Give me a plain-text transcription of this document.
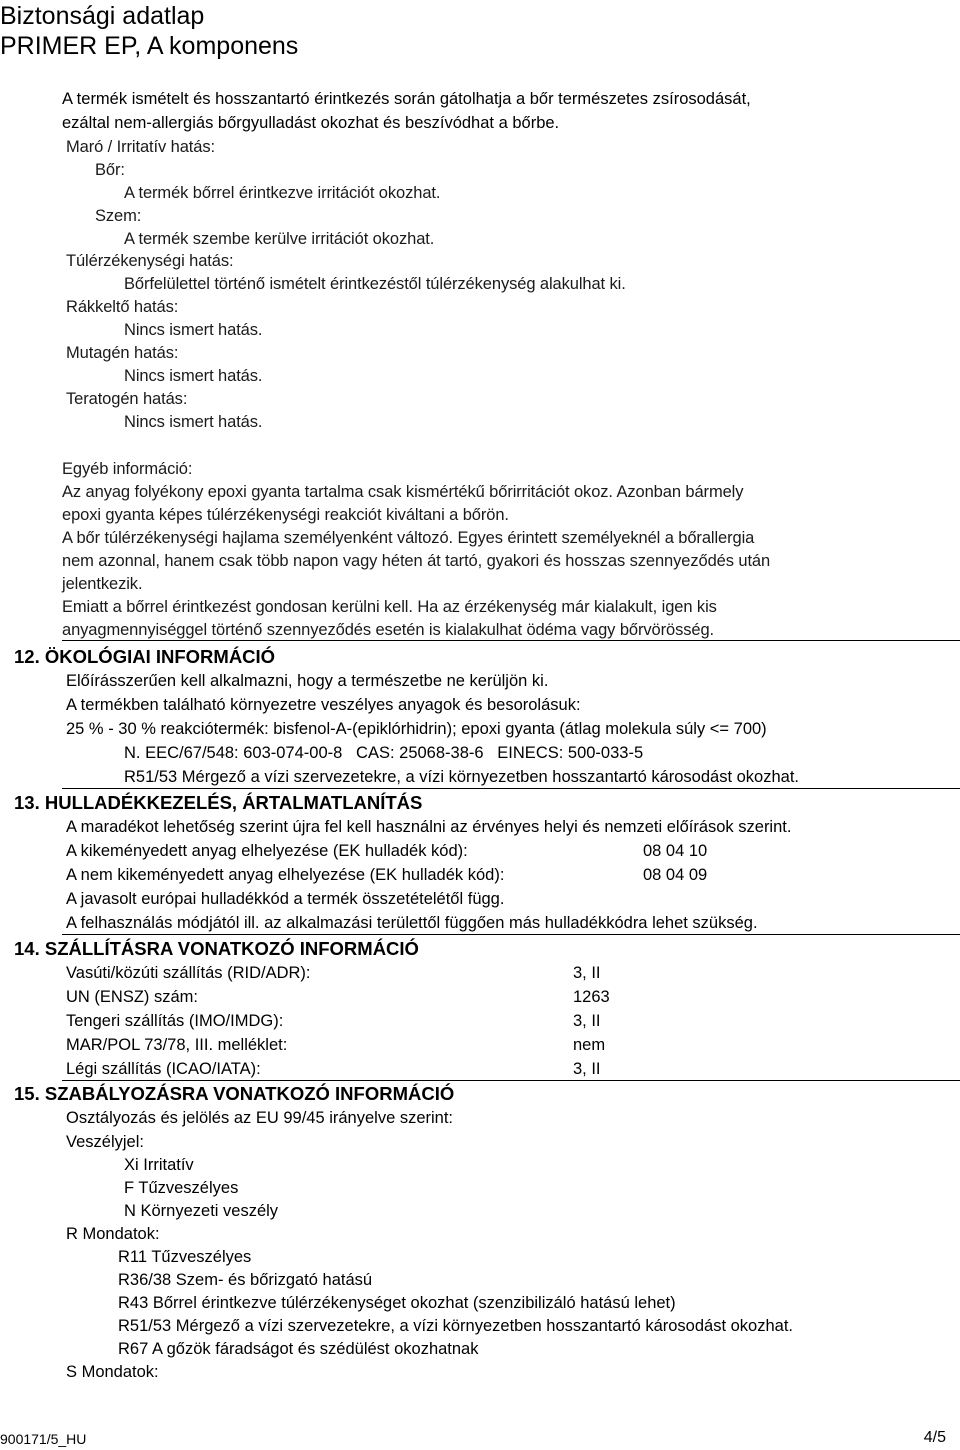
Biztonsági adatlap
PRIMER EP, A komponens
A termék ismételt és hosszantartó érintkezés során gátolhatja a bőr természetes zsírosodását,
ezáltal nem-allergiás bőrgyulladást okozhat és beszívódhat a bőrbe.
Maró / Irritatív hatás:
Bőr:
A termék bőrrel érintkezve irritációt okozhat.
Szem:
A termék szembe kerülve irritációt okozhat.
Túlérzékenységi hatás:
Bőrfelülettel történő ismételt érintkezéstől túlérzékenység alakulhat ki.
Rákkeltő hatás:
Nincs ismert hatás.
Mutagén hatás:
Nincs ismert hatás.
Teratogén hatás:
Nincs ismert hatás.
Egyéb információ:
Az anyag folyékony epoxi gyanta tartalma csak kismértékű bőrirritációt okoz. Azonban bármely
epoxi gyanta képes túlérzékenységi reakciót kiváltani a bőrön.
A bőr túlérzékenységi hajlama személyenként változó. Egyes érintett személyeknél a bőrallergia
nem azonnal, hanem csak több napon vagy héten át tartó, gyakori és hosszas szennyeződés után
jelentkezik.
Emiatt a bőrrel érintkezést gondosan kerülni kell. Ha az érzékenység már kialakult, igen kis
anyagmennyiséggel történő szennyeződés esetén is kialakulhat ödéma vagy bőrvörösség.
12. ÖKOLÓGIAI INFORMÁCIÓ
Előírásszerűen kell alkalmazni, hogy a természetbe ne kerüljön ki.
A termékben található környezetre veszélyes anyagok és besorolásuk:
25 % - 30 % reakciótermék: bisfenol-A-(epiklórhidrin); epoxi gyanta (átlag molekula súly <= 700)
N. EEC/67/548: 603-074-00-8   CAS: 25068-38-6   EINECS: 500-033-5
R51/53 Mérgező a vízi szervezetekre, a vízi környezetben hosszantartó károsodást okozhat.
13. HULLADÉKKEZELÉS, ÁRTALMATLANÍTÁS
A maradékot lehetőség szerint újra fel kell használni az érvényes helyi és nemzeti előírások szerint.
A kikeményedett anyag elhelyezése (EK hulladék kód):	08 04 10
A nem kikeményedett anyag elhelyezése (EK hulladék kód):	08 04 09
A javasolt európai hulladékkód a termék összetételétől függ.
A felhasználás módjától ill. az alkalmazási területtől függően más hulladékkódra lehet szükség.
14. SZÁLLÍTÁSRA VONATKOZÓ INFORMÁCIÓ
Vasúti/közúti szállítás (RID/ADR):	3, II
UN (ENSZ) szám:	1263
Tengeri szállítás (IMO/IMDG):	3, II
MAR/POL 73/78, III. melléklet:	nem
Légi szállítás (ICAO/IATA):	3, II
15. SZABÁLYOZÁSRA VONATKOZÓ INFORMÁCIÓ
Osztályozás és jelölés az EU 99/45 irányelve szerint:
Veszélyjel:
Xi Irritatív
F Tűzveszélyes
N Környezeti veszély
R Mondatok:
R11 Tűzveszélyes
R36/38 Szem- és bőrizgató hatású
R43 Bőrrel érintkezve túlérzékenységet okozhat (szenzibilizáló hatású lehet)
R51/53 Mérgező a vízi szervezetekre, a vízi környezetben hosszantartó károsodást okozhat.
R67 A gőzök fáradságot és szédülést okozhatnak
S Mondatok:
900171/5_HU	4/5
